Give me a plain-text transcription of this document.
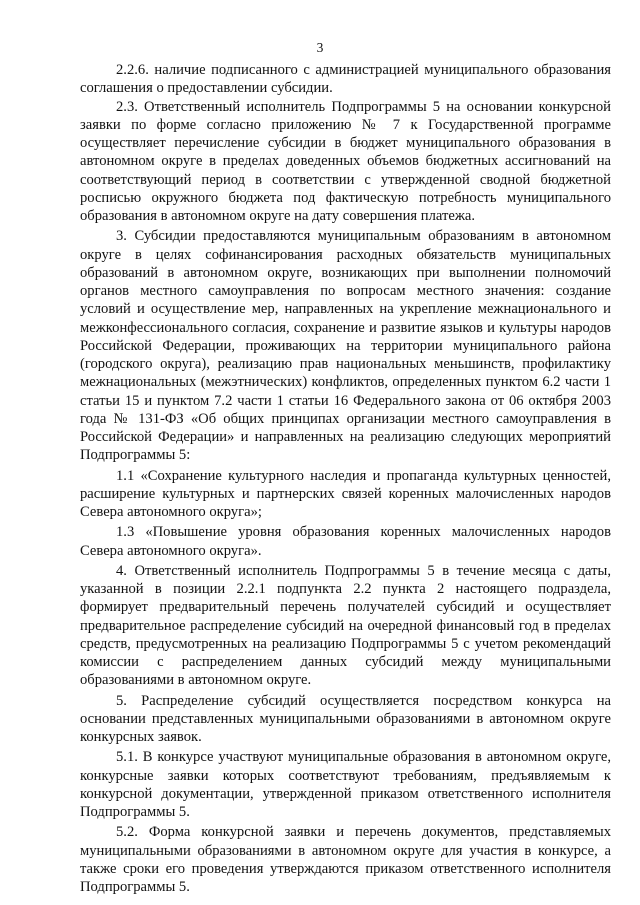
3

2.2.6. наличие подписанного с администрацией муниципального образования соглашения о предоставлении субсидии.

2.3. Ответственный исполнитель Подпрограммы 5 на основании конкурсной заявки по форме согласно приложению № 7 к Государственной программе осуществляет перечисление субсидии в бюджет муниципального образования в автономном округе в пределах доведенных объемов бюджетных ассигнований на соответствующий период в соответствии с утвержденной сводной бюджетной росписью окружного бюджета под фактическую потребность муниципального образования в автономном округе на дату совершения платежа.

3. Субсидии предоставляются муниципальным образованиям в автономном округе в целях софинансирования расходных обязательств муниципальных образований в автономном округе, возникающих при выполнении полномочий органов местного самоуправления по вопросам местного значения: создание условий и осуществление мер, направленных на укрепление межнационального и межконфессионального согласия, сохранение и развитие языков и культуры народов Российской Федерации, проживающих на территории муниципального района (городского округа), реализацию прав национальных меньшинств, профилактику межнациональных (межэтнических) конфликтов, определенных пунктом 6.2 части 1 статьи 15 и пунктом 7.2 части 1 статьи 16 Федерального закона от 06 октября 2003 года № 131-ФЗ «Об общих принципах организации местного самоуправления в Российской Федерации» и направленных на реализацию следующих мероприятий Подпрограммы 5:

1.1 «Сохранение культурного наследия и пропаганда культурных ценностей, расширение культурных и партнерских связей коренных малочисленных народов Севера автономного округа»;

1.3 «Повышение уровня образования коренных малочисленных народов Севера автономного округа».

4. Ответственный исполнитель Подпрограммы 5 в течение месяца с даты, указанной в позиции 2.2.1 подпункта 2.2 пункта 2 настоящего подраздела, формирует предварительный перечень получателей субсидий и осуществляет предварительное распределение субсидий на очередной финансовый год в пределах средств, предусмотренных на реализацию Подпрограммы 5 с учетом рекомендаций комиссии с распределением данных субсидий между муниципальными образованиями в автономном округе.

5. Распределение субсидий осуществляется посредством конкурса на основании представленных муниципальными образованиями в автономном округе конкурсных заявок.

5.1. В конкурсе участвуют муниципальные образования в автономном округе, конкурсные заявки которых соответствуют требованиям, предъявляемым к конкурсной документации, утвержденной приказом ответственного исполнителя Подпрограммы 5.

5.2. Форма конкурсной заявки и перечень документов, представляемых муниципальными образованиями в автономном округе для участия в конкурсе, а также сроки его проведения утверждаются приказом ответственного исполнителя Подпрограммы 5.
